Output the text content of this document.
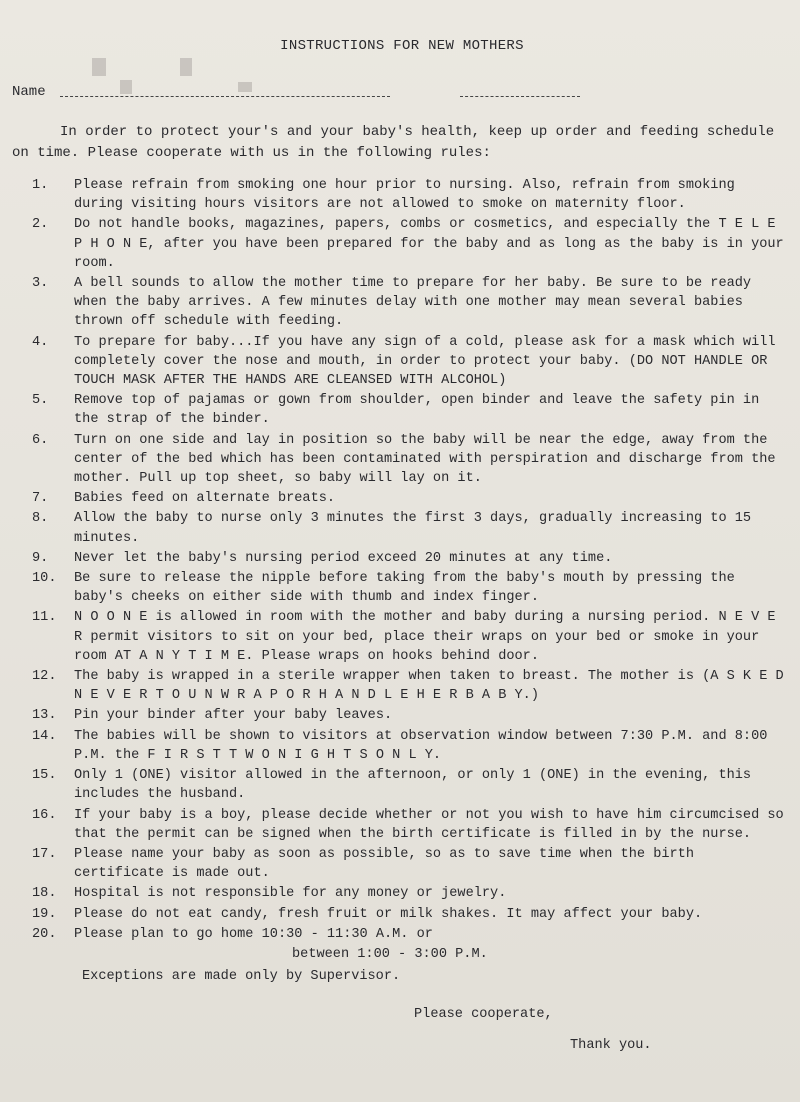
INSTRUCTIONS FOR NEW MOTHERS
Name

In order to protect your's and your baby's health, keep up order and feeding schedule on time. Please cooperate with us in the following rules:

1.	Please refrain from smoking one hour prior to nursing. Also, refrain from smoking during visiting hours visitors are not allowed to smoke on maternity floor.
2.	Do not handle books, magazines, papers, combs or cosmetics, and especially the T E L E P H O N E, after you have been prepared for the baby and as long as the baby is in your room.
3.	A bell sounds to allow the mother time to prepare for her baby. Be sure to be ready when the baby arrives. A few minutes delay with one mother may mean several babies thrown off schedule with feeding.
4.	To prepare for baby...If you have any sign of a cold, please ask for a mask which will completely cover the nose and mouth, in order to protect your baby. (DO NOT HANDLE OR TOUCH MASK AFTER THE HANDS ARE CLEANSED WITH ALCOHOL)
5.	Remove top of pajamas or gown from shoulder, open binder and leave the safety pin in the strap of the binder.
6.	Turn on one side and lay in position so the baby will be near the edge, away from the center of the bed which has been contaminated with perspiration and discharge from the mother. Pull up top sheet, so baby will lay on it.
7.	Babies feed on alternate breats.
8.	Allow the baby to nurse only 3 minutes the first 3 days, gradually increasing to 15 minutes.
9.	Never let the baby's nursing period exceed 20 minutes at any time.
10.	Be sure to release the nipple before taking from the baby's mouth by pressing the baby's cheeks on either side with thumb and index finger.
11.	N O O N E is allowed in room with the mother and baby during a nursing period. N E V E R permit visitors to sit on your bed, place their wraps on your bed or smoke in your room AT A N Y T I M E. Please wraps on hooks behind door.
12.	The baby is wrapped in a sterile wrapper when taken to breast. The mother is (A S K E D N E V E R T O U N W R A P O R H A N D L E H E R B A B Y.)
13.	Pin your binder after your baby leaves.
14.	The babies will be shown to visitors at observation window between 7:30 P.M. and 8:00 P.M. the F I R S T T W O N I G H T S O N L Y.
15.	Only 1 (ONE) visitor allowed in the afternoon, or only 1 (ONE) in the evening, this includes the husband.
16.	If your baby is a boy, please decide whether or not you wish to have him circumcised so that the permit can be signed when the birth certificate is filled in by the nurse.
17.	Please name your baby as soon as possible, so as to save time when the birth certificate is made out.
18.	Hospital is not responsible for any money or jewelry.
19.	Please do not eat candy, fresh fruit or milk shakes. It may affect your baby.
20.	Please plan to go home 10:30 - 11:30 A.M. or
between 1:00 - 3:00 P.M.
Exceptions are made only by Supervisor.
Please cooperate,
Thank you.
